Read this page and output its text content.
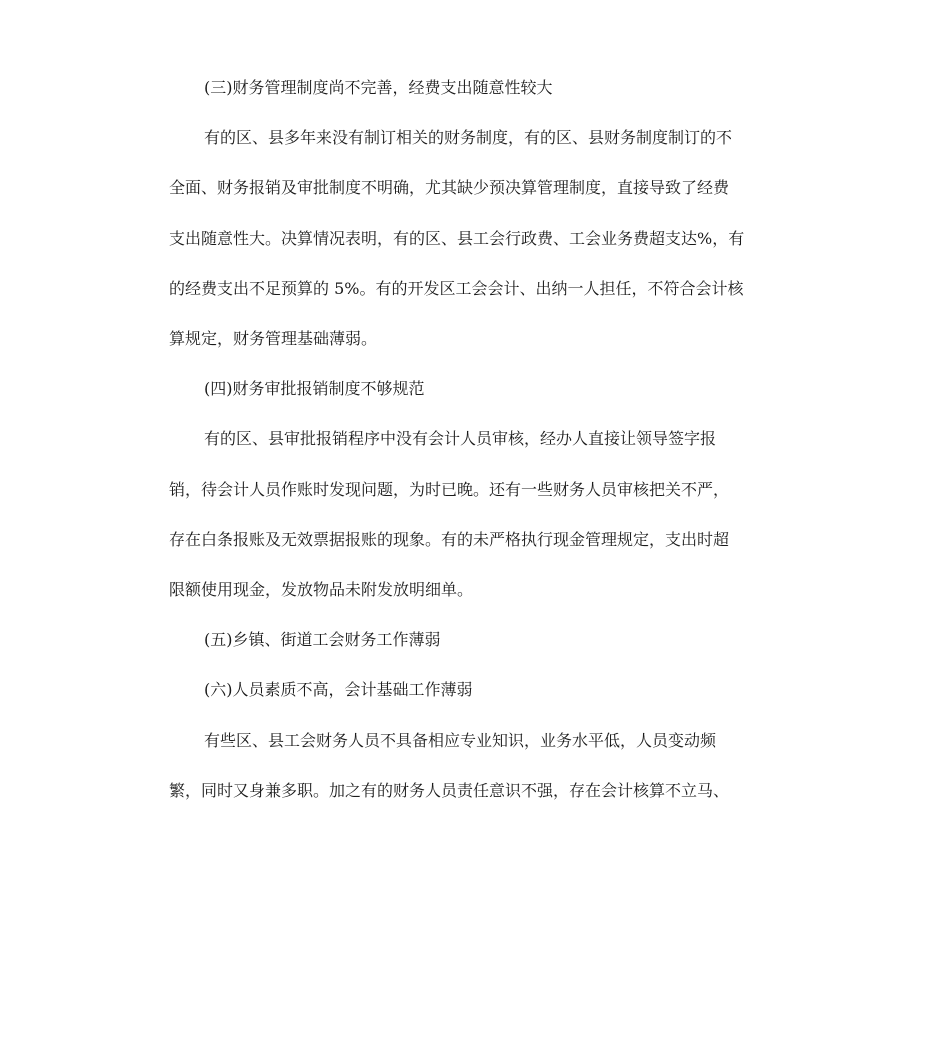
(三)财务管理制度尚不完善，经费支出随意性较大

有的区、县多年来没有制订相关的财务制度，有的区、县财务制度制订的不
全面、财务报销及审批制度不明确，尤其缺少预决算管理制度，直接导致了经费
支出随意性大。决算情况表明，有的区、县工会行政费、工会业务费超支达%，有
的经费支出不足预算的 5%。有的开发区工会会计、出纳一人担任，不符合会计核
算规定，财务管理基础薄弱。

(四)财务审批报销制度不够规范

有的区、县审批报销程序中没有会计人员审核，经办人直接让领导签字报
销，待会计人员作账时发现问题，为时已晚。还有一些财务人员审核把关不严，
存在白条报账及无效票据报账的现象。有的未严格执行现金管理规定，支出时超
限额使用现金，发放物品未附发放明细单。

(五)乡镇、街道工会财务工作薄弱

(六)人员素质不高，会计基础工作薄弱

有些区、县工会财务人员不具备相应专业知识，业务水平低，人员变动频
繁，同时又身兼多职。加之有的财务人员责任意识不强，存在会计核算不立马、
